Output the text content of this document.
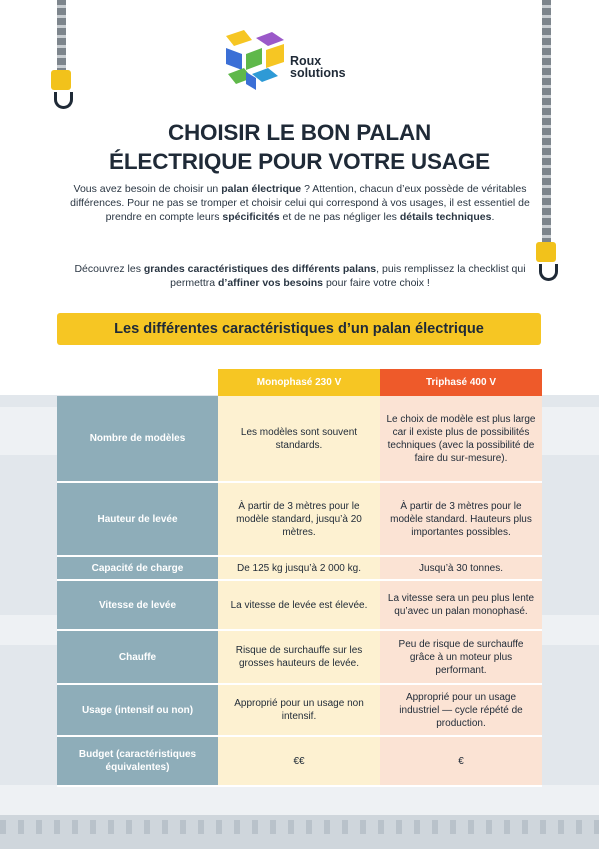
Roux
solutions
CHOISIR LE BON PALAN
ÉLECTRIQUE POUR VOTRE USAGE

Vous avez besoin de choisir un palan électrique ? Attention, chacun d’eux possède de véritables différences. Pour ne pas se tromper et choisir celui qui correspond à vos usages, il est essentiel de prendre en compte leurs spécificités et de ne pas négliger les détails techniques.

Découvrez les grandes caractéristiques des différents palans, puis remplissez la checklist qui permettra d’affiner vos besoins pour faire votre choix !

Les différentes caractéristiques d’un palan électrique
	Monophasé 230 V	Triphasé 400 V
Nombre de modèles	Les modèles sont souvent standards.	Le choix de modèle est plus large car il existe plus de possibilités techniques (avec la possibilité de faire du sur-mesure).
Hauteur de levée	À partir de 3 mètres pour le modèle standard, jusqu’à 20 mètres.	À partir de 3 mètres pour le modèle standard. Hauteurs plus importantes possibles.
Capacité de charge	De 125 kg jusqu’à 2 000 kg.	Jusqu’à 30 tonnes.
Vitesse de levée	La vitesse de levée est élevée.	La vitesse sera un peu plus lente qu’avec un palan monophasé.
Chauffe	Risque de surchauffe sur les grosses hauteurs de levée.	Peu de risque de surchauffe grâce à un moteur plus performant.
Usage (intensif ou non)	Approprié pour un usage non intensif.	Approprié pour un usage industriel — cycle répété de production.
Budget (caractéristiques équivalentes)	€€	€
